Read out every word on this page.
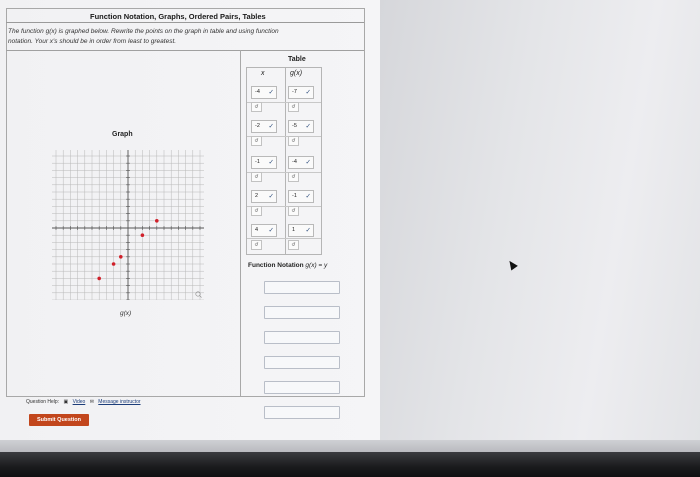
Function Notation, Graphs, Ordered Pairs, Tables
The function g(x) is graphed below. Rewrite the points on the graph in table and using function
notation. Your x's should be in order from least to greatest.
Graph
g(x)
Table
x	g(x)
-4 ✓	-7 ✓
↺	↺
-2 ✓	-5 ✓
↺	↺
-1 ✓	-4 ✓
↺	↺
2 ✓	-1 ✓
↺	↺
4 ✓	1 ✓
↺	↺
Function Notation g(x) = y
Question Help: ▣ Video ✉ Message instructor
Submit Question
